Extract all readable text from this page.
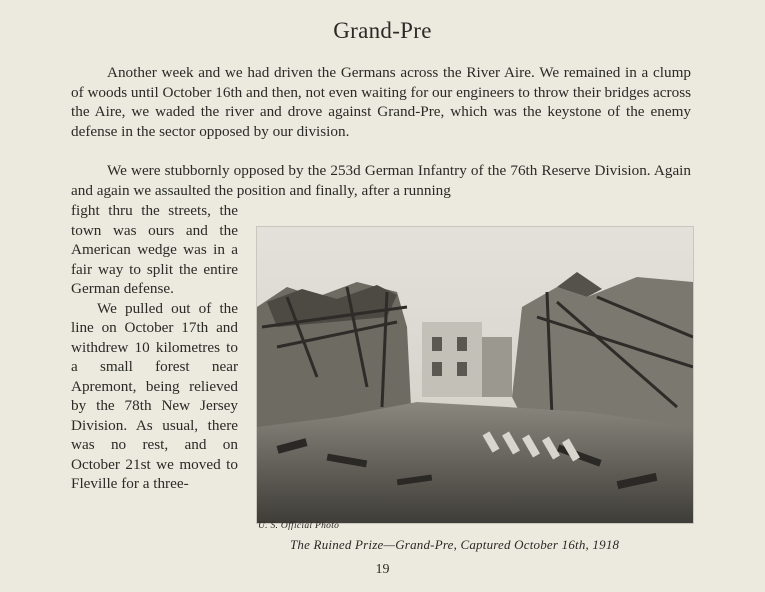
Grand-Pre

Another week and we had driven the Germans across the River Aire. We remained in a clump of woods until October 16th and then, not even waiting for our engineers to throw their bridges across the Aire, we waded the river and drove against Grand-Pre, which was the keystone of the enemy defense in the sector opposed by our division.

We were stubbornly opposed by the 253d German Infantry of the 76th Reserve Division. Again and again we assaulted the position and finally, after a running

fight thru the streets, the town was ours and the American wedge was in a fair way to split the entire German defense.

We pulled out of the line on October 17th and withdrew 10 kilometres to a small forest near Apremont, being relieved by the 78th New Jersey Division. As usual, there was no rest, and on October 21st we moved to Fleville for a three-

U. S. Official Photo
The Ruined Prize—Grand-Pre, Captured October 16th, 1918
19
